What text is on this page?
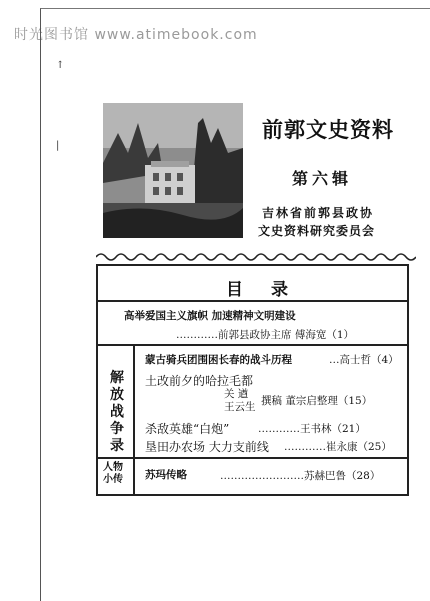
时光图书馆 www.atimebook.com
↑
|
前郭文史资料
第六辑
吉林省前郭县政协
文史资料研究委员会
目录
高举爱国主义旗帜 加速精神文明建设
…………前郭县政协主席 傅海宽（1）
解放战争录
蒙古骑兵团围困长春的战斗历程	…高士哲（4）
土改前夕的哈拉毛都
关 遒
王云生 撰稿 董宗启整理（15）
杀敌英雄“白炮”	…………王书林（21）
垦田办农场 大力支前线 …………崔永康（25）
人物小传 苏玛传略	……………………苏赫巴鲁（28）
